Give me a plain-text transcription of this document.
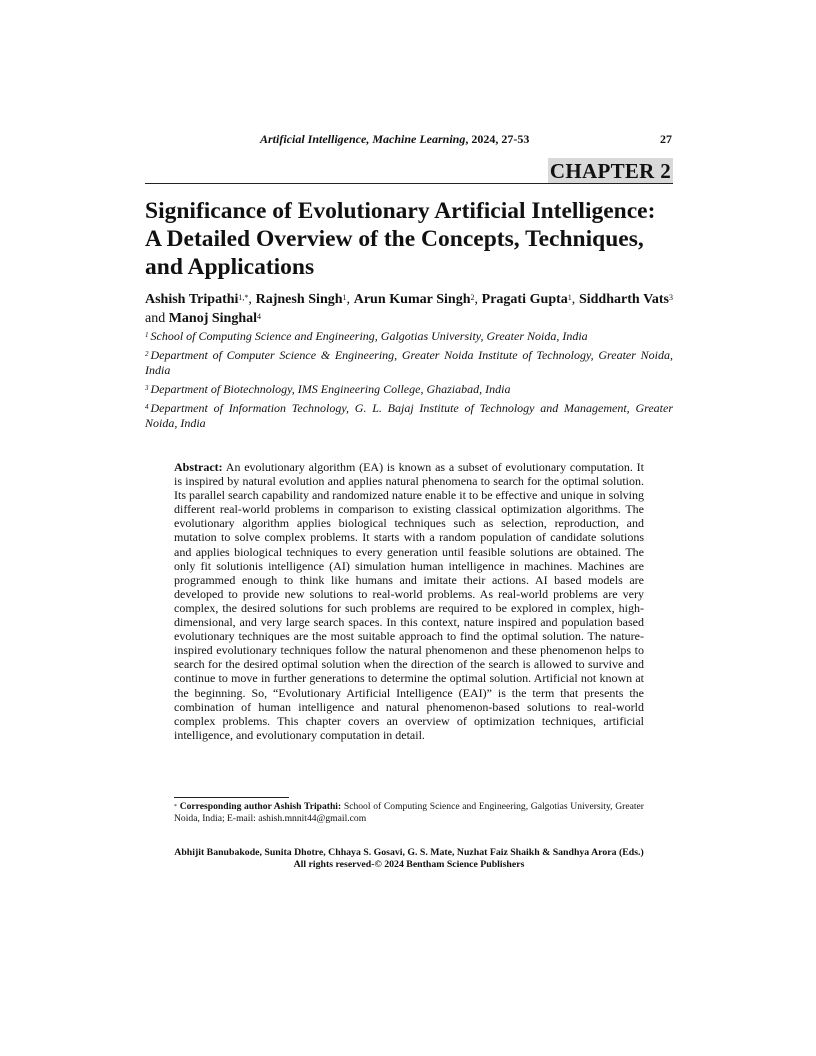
Artificial Intelligence, Machine Learning, 2024, 27-53	27
CHAPTER 2
Significance of Evolutionary Artificial Intelligence: A Detailed Overview of the Concepts, Techniques, and Applications

Ashish Tripathi$^{1,*}$, Rajnesh Singh$^1$, Arun Kumar Singh$^2$, Pragati Gupta$^1$, Siddharth Vats$^3$ and Manoj Singhal$^4$

$^1$ School of Computing Science and Engineering, Galgotias University, Greater Noida, India

$^2$ Department of Computer Science & Engineering, Greater Noida Institute of Technology, Greater Noida, India

$^3$ Department of Biotechnology, IMS Engineering College, Ghaziabad, India

$^4$ Department of Information Technology, G. L. Bajaj Institute of Technology and Management, Greater Noida, India

Abstract: An evolutionary algorithm (EA) is known as a subset of evolutionary computation. It is inspired by natural evolution and applies natural phenomena to search for the optimal solution. Its parallel search capability and randomized nature enable it to be effective and unique in solving different real-world problems in comparison to existing classical optimization algorithms. The evolutionary algorithm applies biological techniques such as selection, reproduction, and mutation to solve complex problems. It starts with a random population of candidate solutions and applies biological techniques to every generation until feasible solutions are obtained. The only fit solutionis intelligence (AI) simulation human intelligence in machines. Machines are programmed enough to think like humans and imitate their actions. AI based models are developed to provide new solutions to real-world problems. As real-world problems are very complex, the desired solutions for such problems are required to be explored in complex, high-dimensional, and very large search spaces. In this context, nature inspired and population based evolutionary techniques are the most suitable approach to find the optimal solution. The nature-inspired evolutionary techniques follow the natural phenomenon and these phenomenon helps to search for the desired optimal solution when the direction of the search is allowed to survive and continue to move in further generations to determine the optimal solution. Artificial not known at the beginning. So, “Evolutionary Artificial Intelligence (EAI)” is the term that presents the combination of human intelligence and natural phenomenon-based solutions to real-world complex problems. This chapter covers an overview of optimization techniques, artificial intelligence, and evolutionary computation in detail.

* Corresponding author Ashish Tripathi: School of Computing Science and Engineering, Galgotias University, Greater Noida, India; E-mail: ashish.mnnit44@gmail.com

Abhijit Banubakode, Sunita Dhotre, Chhaya S. Gosavi, G. S. Mate, Nuzhat Faiz Shaikh & Sandhya Arora (Eds.)
All rights reserved-© 2024 Bentham Science Publishers
